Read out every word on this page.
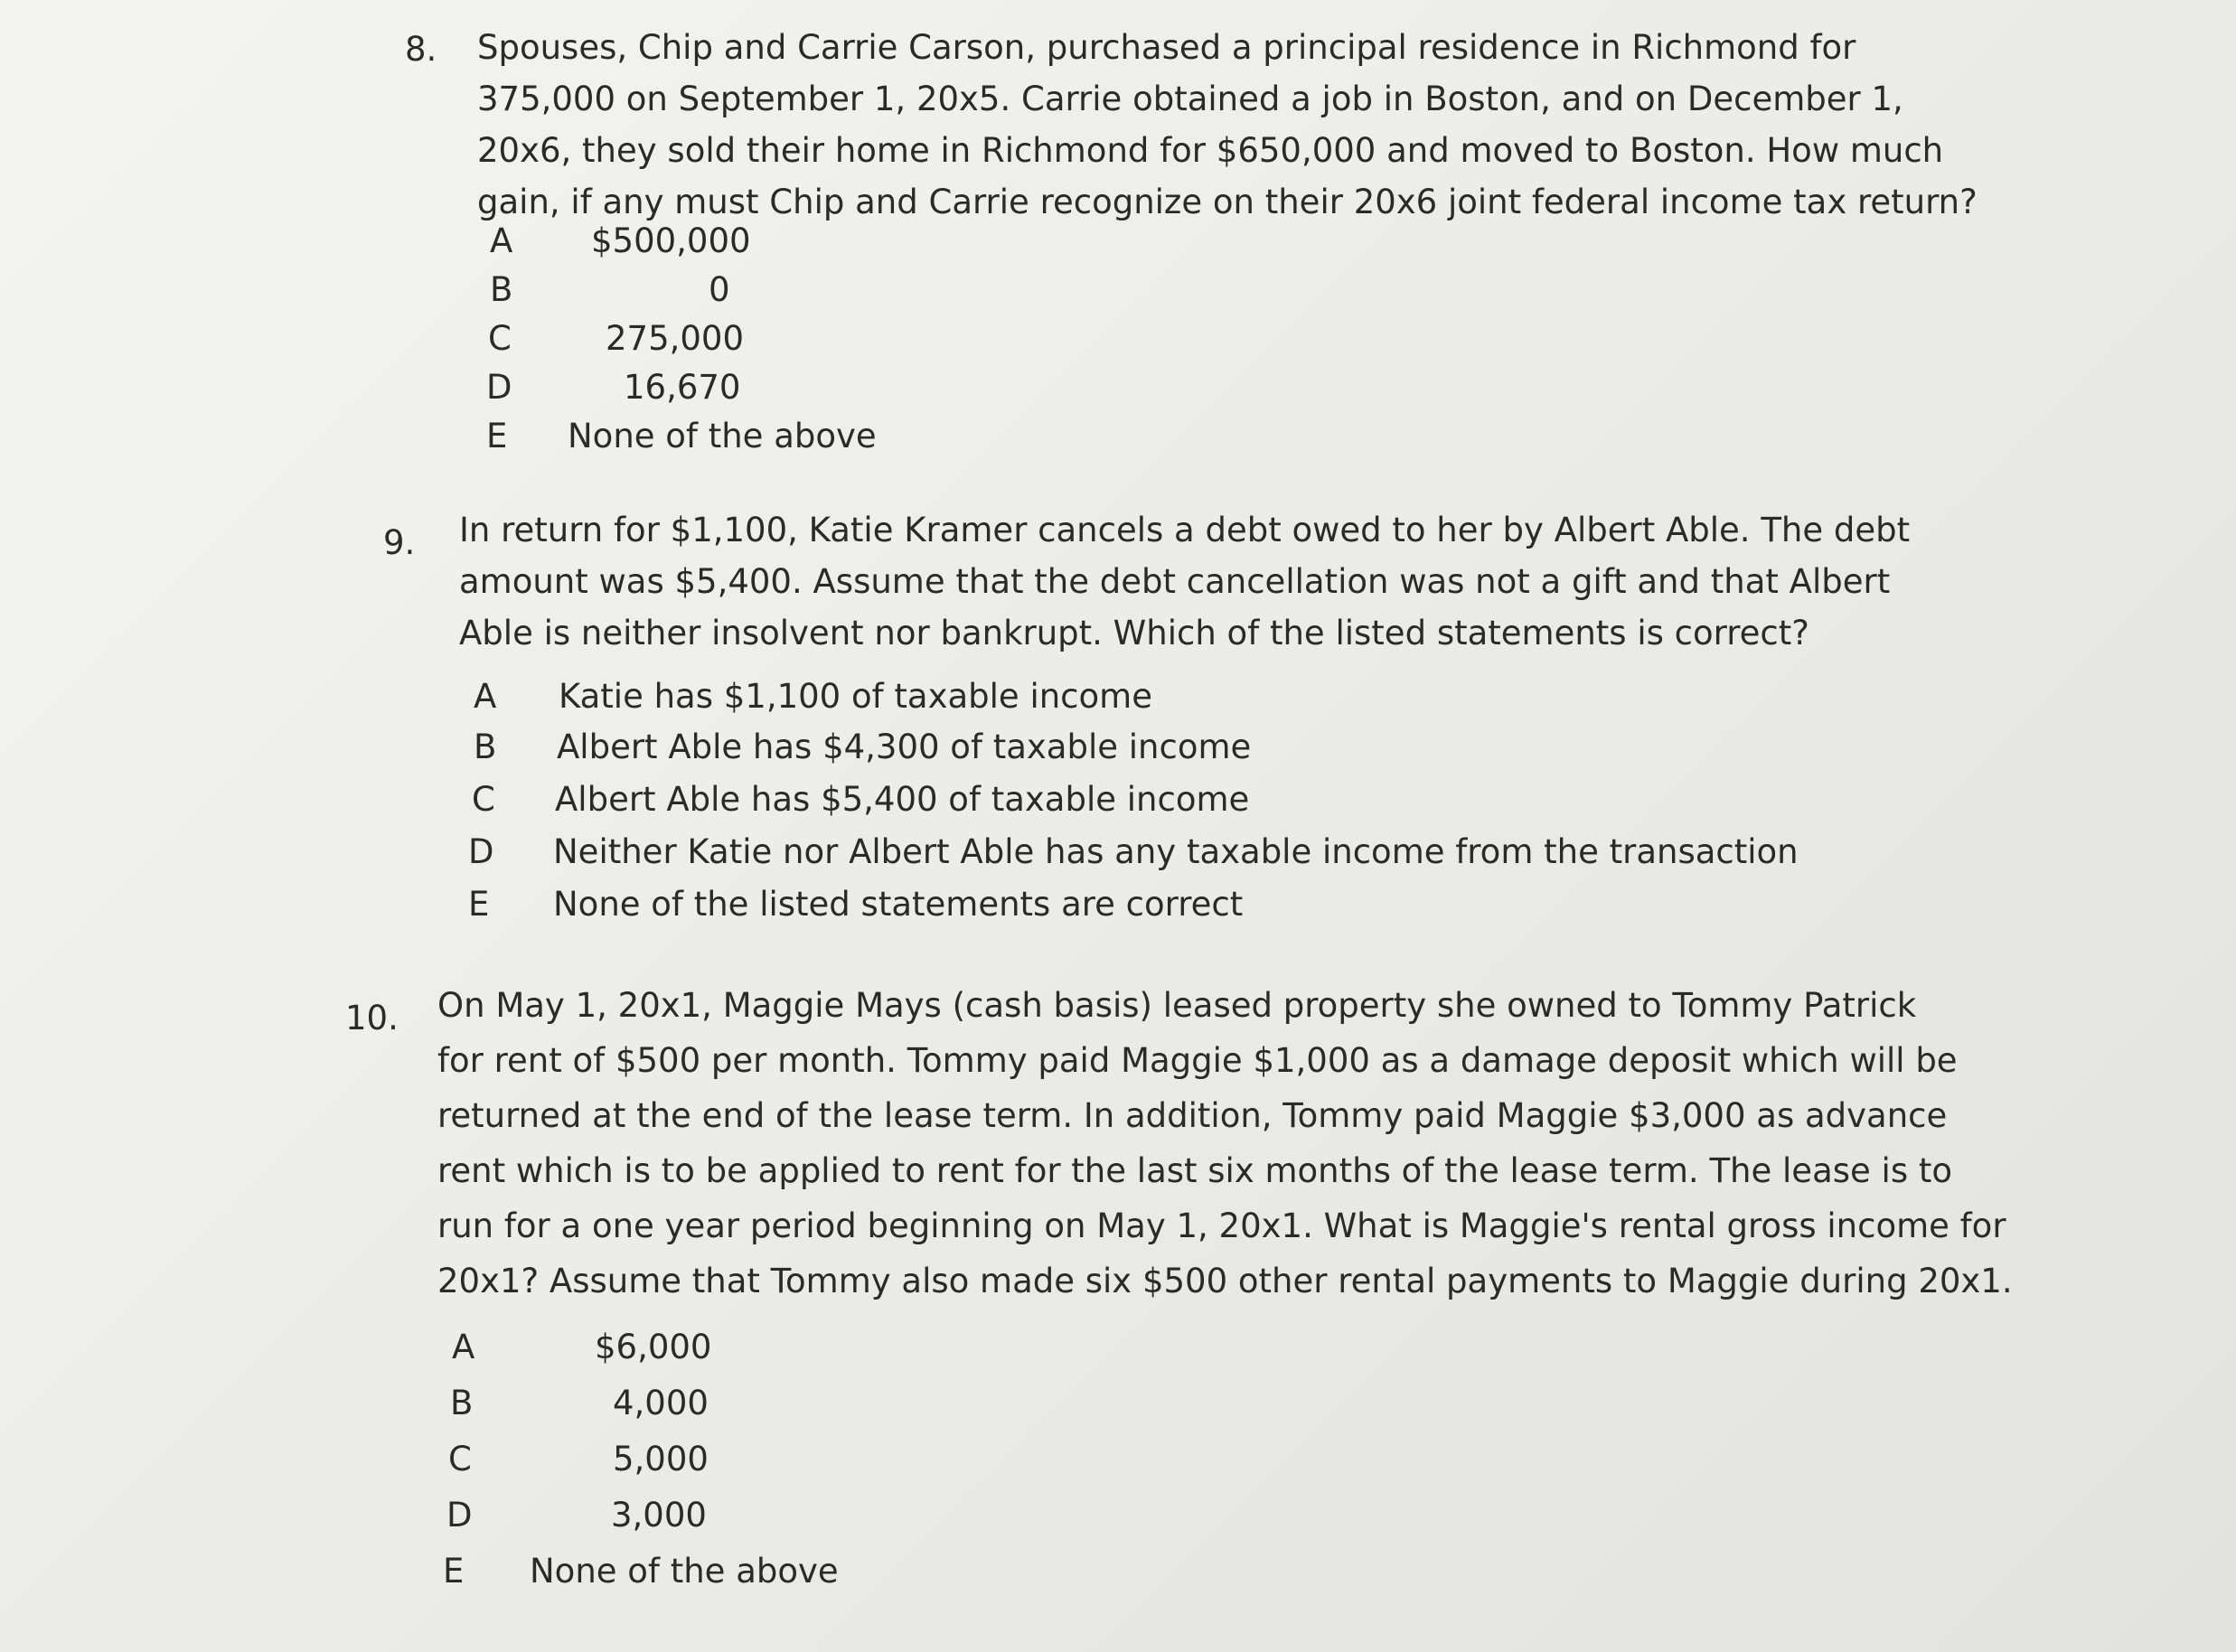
8. Spouses, Chip and Carrie Carson, purchased a principal residence in Richmond for
375,000 on September 1, 20x5. Carrie obtained a job in Boston, and on December 1,
20x6, they sold their home in Richmond for $650,000 and moved to Boston. How much
gain, if any must Chip and Carrie recognize on their 20x6 joint federal income tax return?
A $500,000
B	0
C	275,000
D	16,670
E None of the above
9. In return for $1,100, Katie Kramer cancels a debt owed to her by Albert Able. The debt
amount was $5,400. Assume that the debt cancellation was not a gift and that Albert
Able is neither insolvent nor bankrupt. Which of the listed statements is correct?
A Katie has $1,100 of taxable income
B Albert Able has $4,300 of taxable income
C Albert Able has $5,400 of taxable income
D Neither Katie nor Albert Able has any taxable income from the transaction
E None of the listed statements are correct
10. On May 1, 20x1, Maggie Mays (cash basis) leased property she owned to Tommy Patrick
for rent of $500 per month. Tommy paid Maggie $1,000 as a damage deposit which will be
returned at the end of the lease term. In addition, Tommy paid Maggie $3,000 as advance
rent which is to be applied to rent for the last six months of the lease term. The lease is to
run for a one year period beginning on May 1, 20x1. What is Maggie's rental gross income for
20x1? Assume that Tommy also made six $500 other rental payments to Maggie during 20x1.
A	$6,000
B	4,000
C	5,000
D	3,000
E None of the above
